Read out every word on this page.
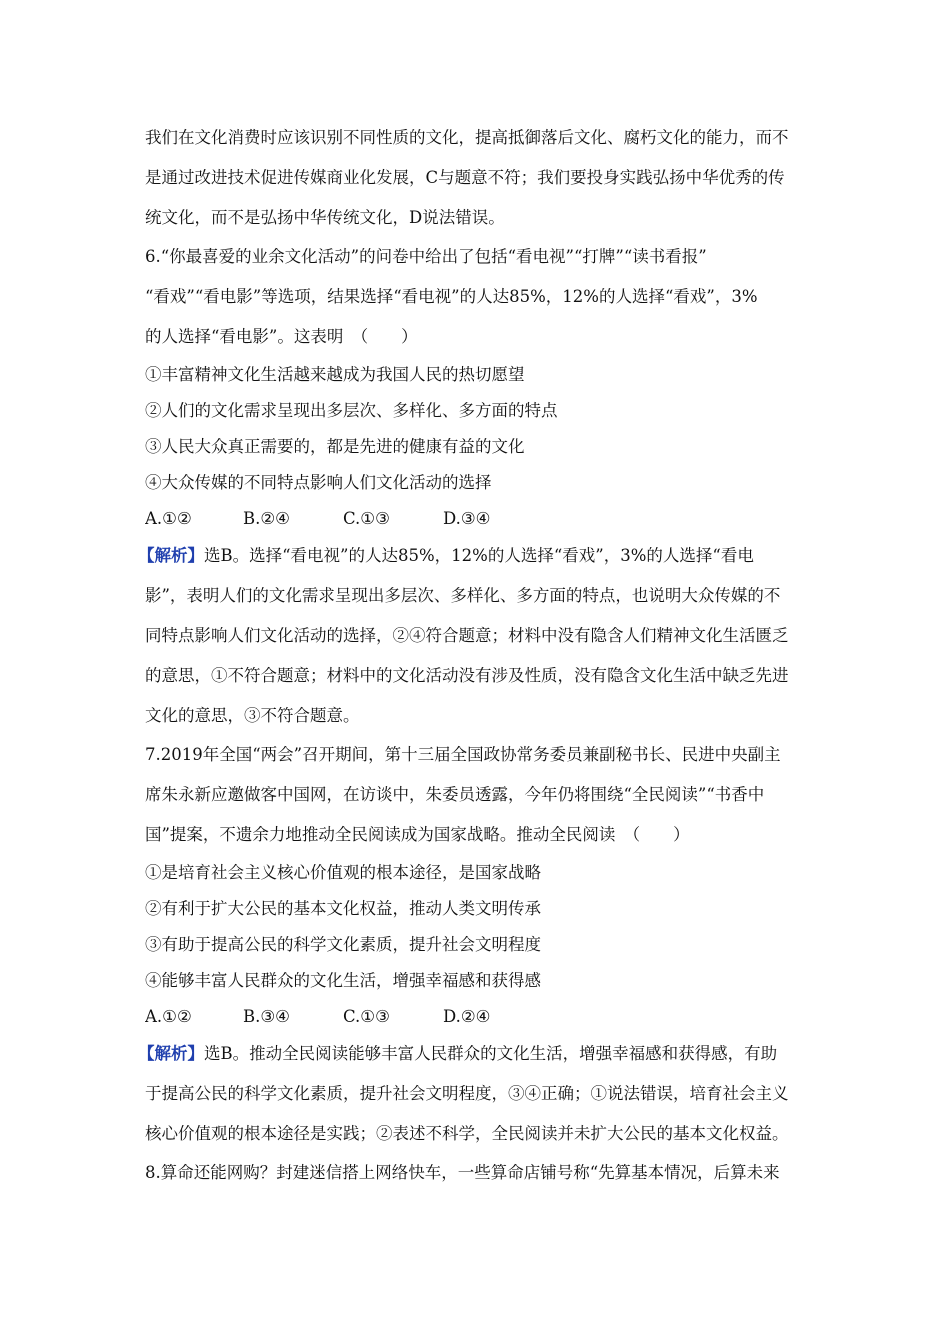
我们在文化消费时应该识别不同性质的文化，提高抵御落后文化、腐朽文化的能力，而不
是通过改进技术促进传媒商业化发展，C与题意不符；我们要投身实践弘扬中华优秀的传
统文化，而不是弘扬中华传统文化，D说法错误。
6.“你最喜爱的业余文化活动”的问卷中给出了包括“看电视”“打牌”“读书看报”
“看戏”“看电影”等选项，结果选择“看电视”的人达85%，12%的人选择“看戏”，3%
的人选择“看电影”。这表明　（　　）
①丰富精神文化生活越来越成为我国人民的热切愿望
②人们的文化需求呈现出多层次、多样化、多方面的特点
③人民大众真正需要的，都是先进的健康有益的文化
④大众传媒的不同特点影响人们文化活动的选择
A.①②	B.②④	C.①③	D.③④
【解析】选B。选择“看电视”的人达85%，12%的人选择“看戏”，3%的人选择“看电
影”，表明人们的文化需求呈现出多层次、多样化、多方面的特点，也说明大众传媒的不
同特点影响人们文化活动的选择，②④符合题意；材料中没有隐含人们精神文化生活匮乏
的意思，①不符合题意；材料中的文化活动没有涉及性质，没有隐含文化生活中缺乏先进
文化的意思，③不符合题意。
7.2019年全国“两会”召开期间，第十三届全国政协常务委员兼副秘书长、民进中央副主
席朱永新应邀做客中国网，在访谈中，朱委员透露，今年仍将围绕“全民阅读”“书香中
国”提案，不遗余力地推动全民阅读成为国家战略。推动全民阅读　（　　）
①是培育社会主义核心价值观的根本途径，是国家战略
②有利于扩大公民的基本文化权益，推动人类文明传承
③有助于提高公民的科学文化素质，提升社会文明程度
④能够丰富人民群众的文化生活，增强幸福感和获得感
A.①②	B.③④	C.①③	D.②④
【解析】选B。推动全民阅读能够丰富人民群众的文化生活，增强幸福感和获得感，有助
于提高公民的科学文化素质，提升社会文明程度，③④正确；①说法错误，培育社会主义
核心价值观的根本途径是实践；②表述不科学，全民阅读并未扩大公民的基本文化权益。
8.算命还能网购？封建迷信搭上网络快车，一些算命店铺号称“先算基本情况，后算未来
